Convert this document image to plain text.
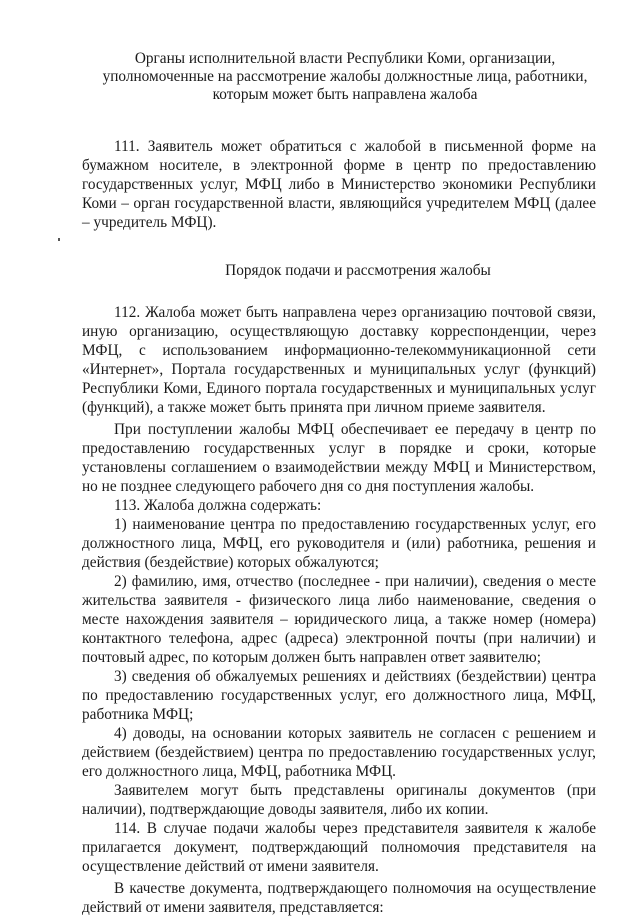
Органы исполнительной власти Республики Коми, организации,

уполномоченные на рассмотрение жалобы должностные лица, работники,

которым может быть направлена жалоба

111. Заявитель может обратиться с жалобой в письменной форме на бумажном носителе, в электронной форме в центр по предоставлению государственных услуг, МФЦ либо в Министерство экономики Республики Коми – орган государственной власти, являющийся учредителем МФЦ (далее – учредитель МФЦ).

Порядок подачи и рассмотрения жалобы

112. Жалоба может быть направлена через организацию почтовой связи, иную организацию, осуществляющую доставку корреспонденции, через МФЦ, с использованием информационно-телекоммуникационной сети «Интернет», Портала государственных и муниципальных услуг (функций) Республики Коми, Единого портала государственных и муниципальных услуг (функций), а также может быть принята при личном приеме заявителя.

При поступлении жалобы МФЦ обеспечивает ее передачу в центр по предоставлению государственных услуг в порядке и сроки, которые установлены соглашением о взаимодействии между МФЦ и Министерством, но не позднее следующего рабочего дня со дня поступления жалобы.

113. Жалоба должна содержать:

1) наименование центра по предоставлению государственных услуг, его должностного лица, МФЦ, его руководителя и (или) работника, решения и действия (бездействие) которых обжалуются;

2) фамилию, имя, отчество (последнее - при наличии), сведения о месте жительства заявителя - физического лица либо наименование, сведения о месте нахождения заявителя – юридического лица, а также номер (номера) контактного телефона, адрес (адреса) электронной почты (при наличии) и почтовый адрес, по которым должен быть направлен ответ заявителю;

3) сведения об обжалуемых решениях и действиях (бездействии) центра по предоставлению государственных услуг, его должностного лица, МФЦ, работника МФЦ;

4) доводы, на основании которых заявитель не согласен с решением и действием (бездействием) центра по предоставлению государственных услуг, его должностного лица, МФЦ, работника МФЦ.

Заявителем могут быть представлены оригиналы документов (при наличии), подтверждающие доводы заявителя, либо их копии.

114. В случае подачи жалобы через представителя заявителя к жалобе прилагается документ, подтверждающий полномочия представителя на осуществление действий от имени заявителя.

В качестве документа, подтверждающего полномочия на осуществление действий от имени заявителя, представляется:
